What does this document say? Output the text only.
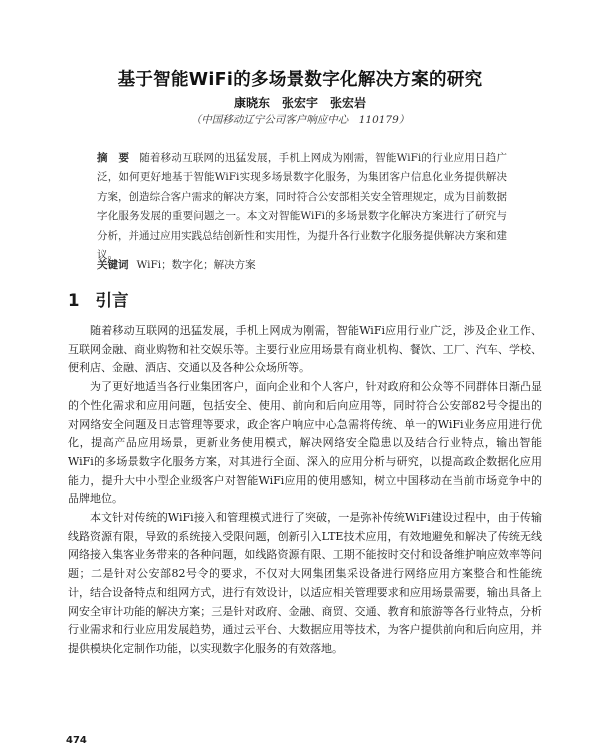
基于智能WiFi的多场景数字化解决方案的研究
康晓东　张宏宇　张宏岩
（中国移动辽宁公司客户响应中心　110179）
摘　要 随着移动互联网的迅猛发展，手机上网成为刚需，智能WiFi的行业应用日趋广泛，如何更好地基于智能WiFi实现多场景数字化服务，为集团客户信息化业务提供解决方案，创造综合客户需求的解决方案，同时符合公安部相关安全管理规定，成为目前数据字化服务发展的重要问题之一。本文对智能WiFi的多场景数字化解决方案进行了研究与分析，并通过应用实践总结创新性和实用性，为提升各行业数字化服务提供解决方案和建议。
关键词 WiFi；数字化；解决方案
1 引言

随着移动互联网的迅猛发展，手机上网成为刚需，智能WiFi应用行业广泛，涉及企业工作、互联网金融、商业购物和社交娱乐等。主要行业应用场景有商业机构、餐饮、工厂、汽车、学校、便利店、金融、酒店、交通以及各种公众场所等。

为了更好地适当各行业集团客户，面向企业和个人客户，针对政府和公众等不同群体日渐凸显的个性化需求和应用问题，包括安全、使用、前向和后向应用等，同时符合公安部82号令提出的对网络安全问题及日志管理等要求，政企客户响应中心急需将传统、单一的WiFi业务应用进行优化，提高产品应用场景，更新业务使用模式，解决网络安全隐患以及结合行业特点，输出智能WiFi的多场景数字化服务方案，对其进行全面、深入的应用分析与研究，以提高政企数据化应用能力，提升大中小型企业级客户对智能WiFi应用的使用感知，树立中国移动在当前市场竞争中的品牌地位。

本文针对传统的WiFi接入和管理模式进行了突破，一是弥补传统WiFi建设过程中，由于传输线路资源有限，导致的系统接入受限问题，创新引入LTE技术应用，有效地避免和解决了传统无线网络接入集客业务带来的各种问题，如线路资源有限、工期不能按时交付和设备维护响应效率等问题；二是针对公安部82号令的要求，不仅对大网集团集采设备进行网络应用方案整合和性能统计，结合设备特点和组网方式，进行有效设计，以适应相关管理要求和应用场景需要，输出具备上网安全审计功能的解决方案；三是针对政府、金融、商贸、交通、教育和旅游等各行业特点，分析行业需求和行业应用发展趋势，通过云平台、大数据应用等技术，为客户提供前向和后向应用，并提供模块化定制作功能，以实现数字化服务的有效落地。

474
